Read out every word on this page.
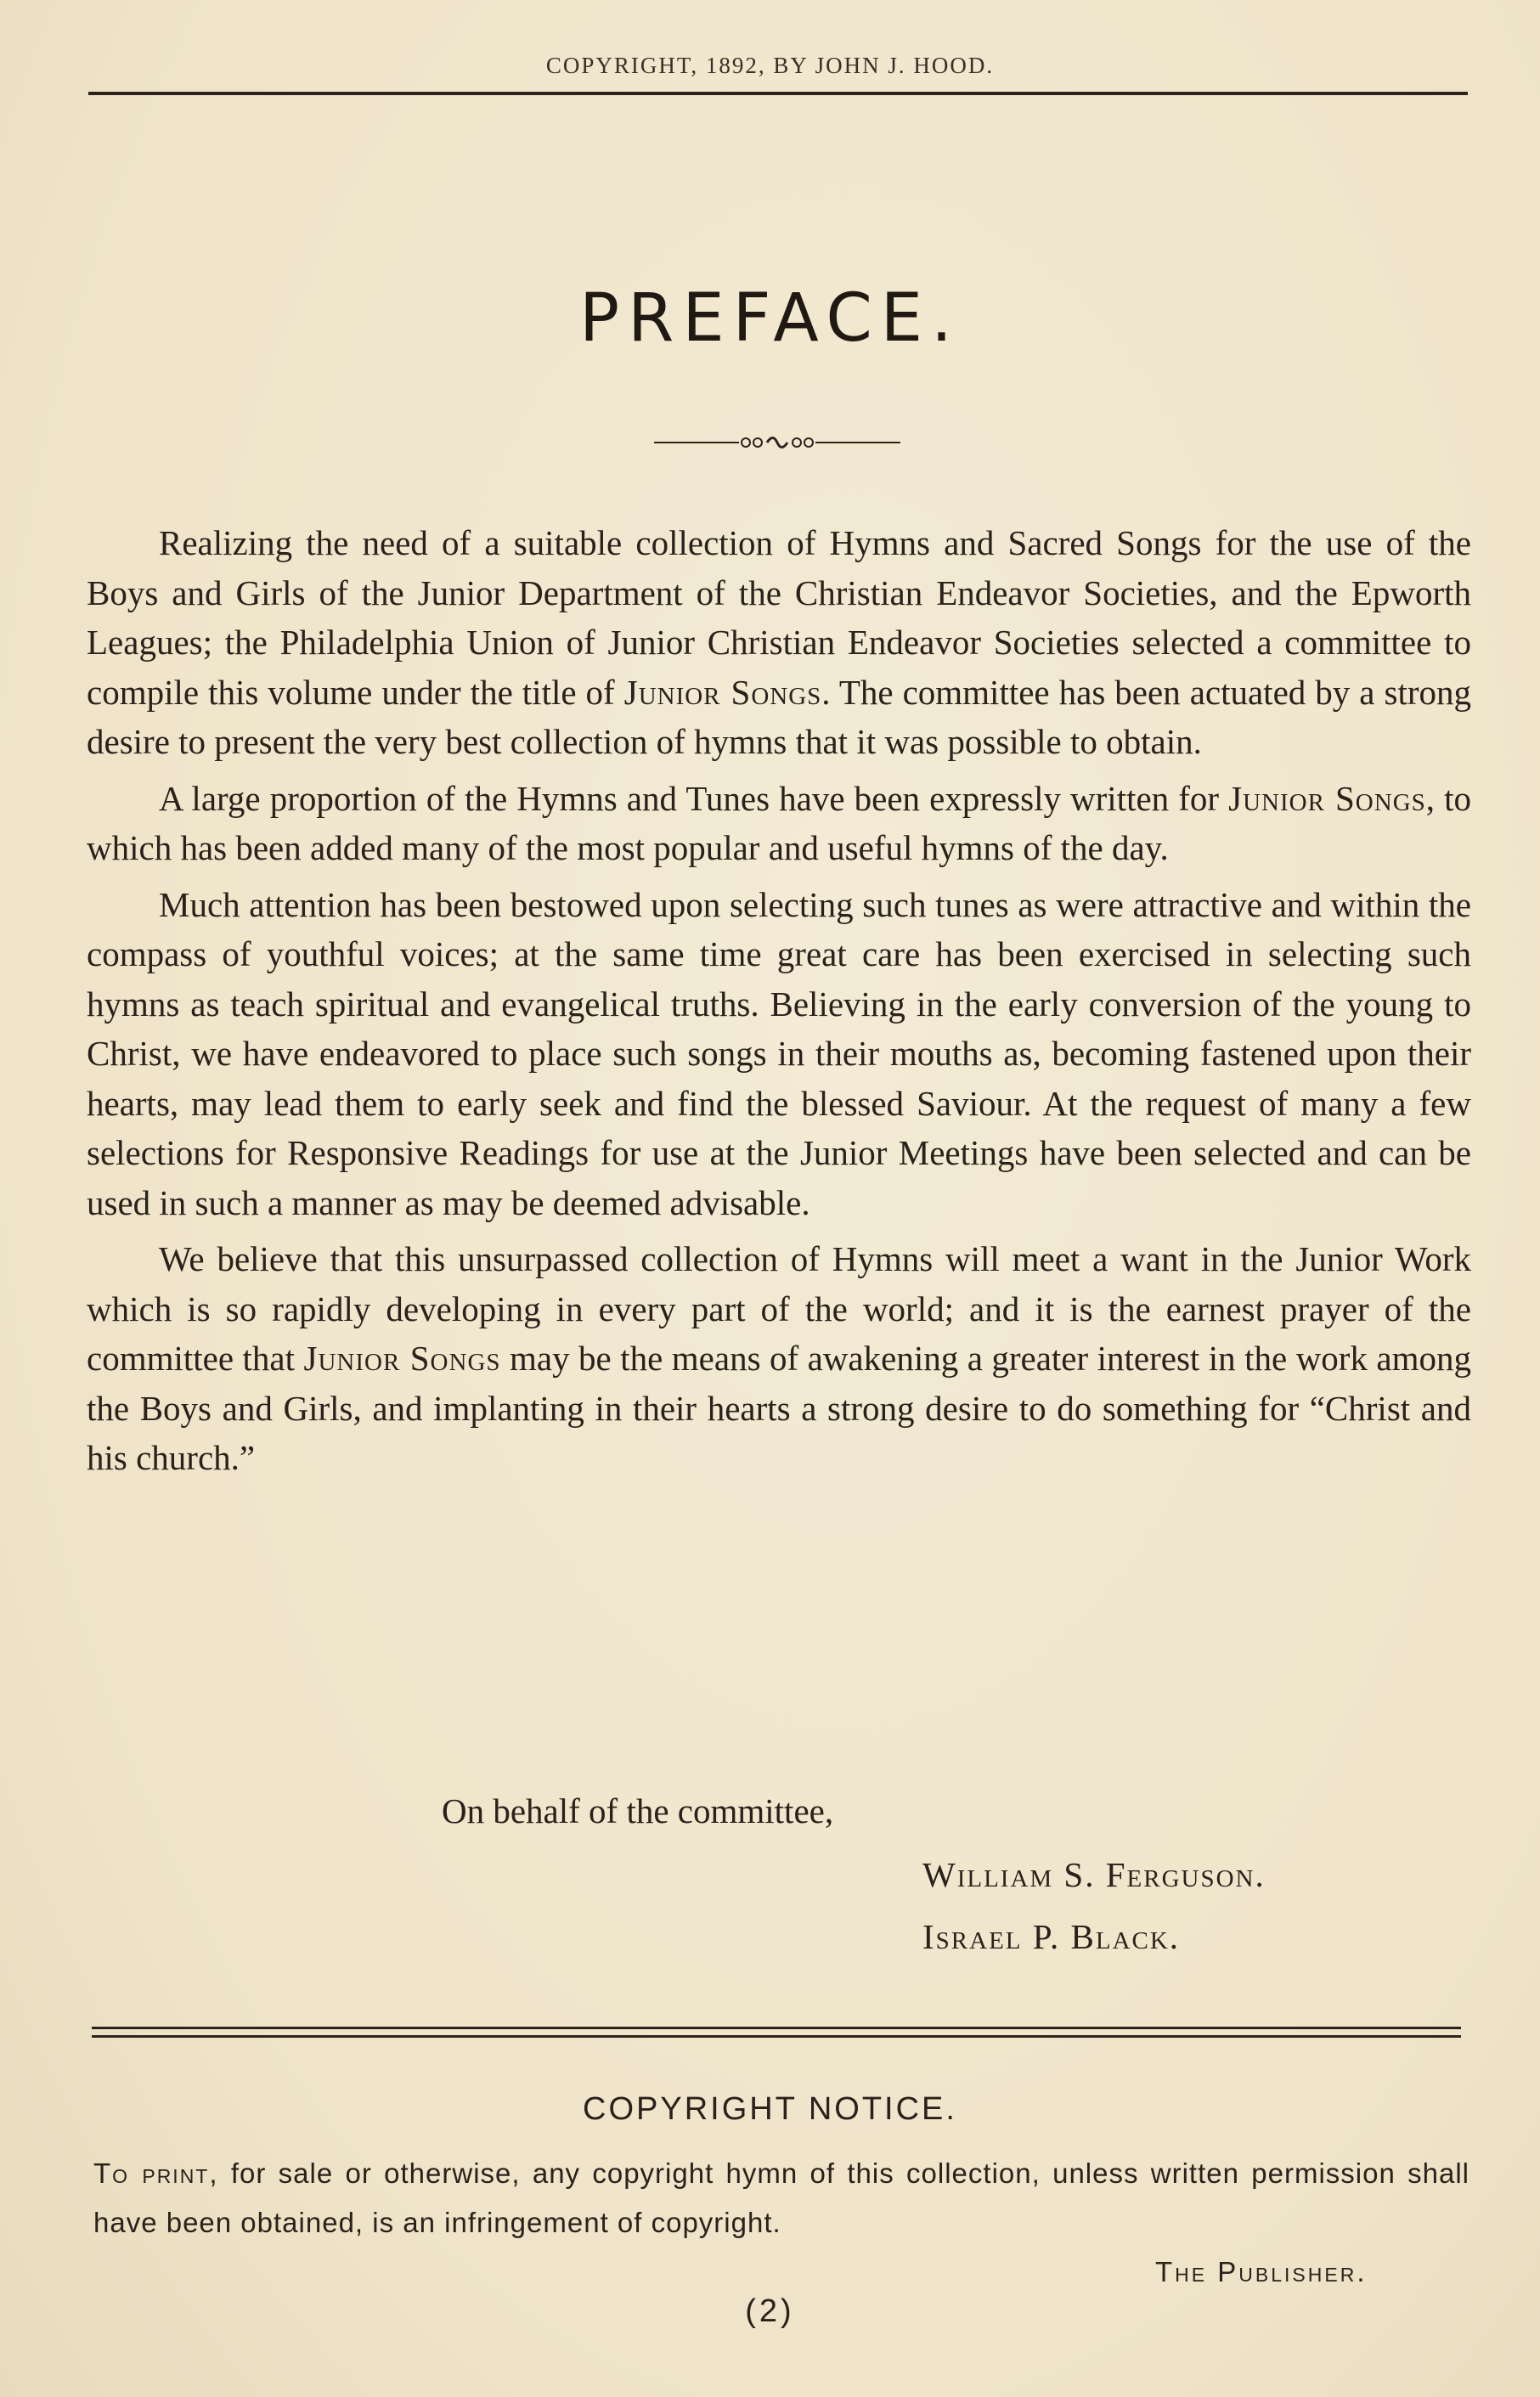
COPYRIGHT, 1892, BY JOHN J. HOOD.
PREFACE.

Realizing the need of a suitable collection of Hymns and Sacred Songs for the use of the Boys and Girls of the Junior Department of the Christian Endeavor Societies, and the Epworth Leagues; the Philadelphia Union of Junior Christian Endeavor Societies selected a committee to compile this volume under the title of Junior Songs. The committee has been actuated by a strong desire to present the very best collection of hymns that it was possible to obtain.

A large proportion of the Hymns and Tunes have been expressly written for Junior Songs, to which has been added many of the most popular and useful hymns of the day.

Much attention has been bestowed upon selecting such tunes as were attractive and within the compass of youthful voices; at the same time great care has been exercised in selecting such hymns as teach spiritual and evangelical truths. Believing in the early conversion of the young to Christ, we have endeavored to place such songs in their mouths as, becoming fastened upon their hearts, may lead them to early seek and find the blessed Saviour. At the request of many a few selections for Responsive Readings for use at the Junior Meetings have been selected and can be used in such a manner as may be deemed advisable.

We believe that this unsurpassed collection of Hymns will meet a want in the Junior Work which is so rapidly developing in every part of the world; and it is the earnest prayer of the committee that Junior Songs may be the means of awakening a greater interest in the work among the Boys and Girls, and implanting in their hearts a strong desire to do something for “Christ and his church.”

On behalf of the committee,
William S. Ferguson.
Israel P. Black.
COPYRIGHT NOTICE.
To print, for sale or otherwise, any copyright hymn of this collection, unless written permission shall have been obtained, is an infringement of copyright.
The Publisher.
(2)
